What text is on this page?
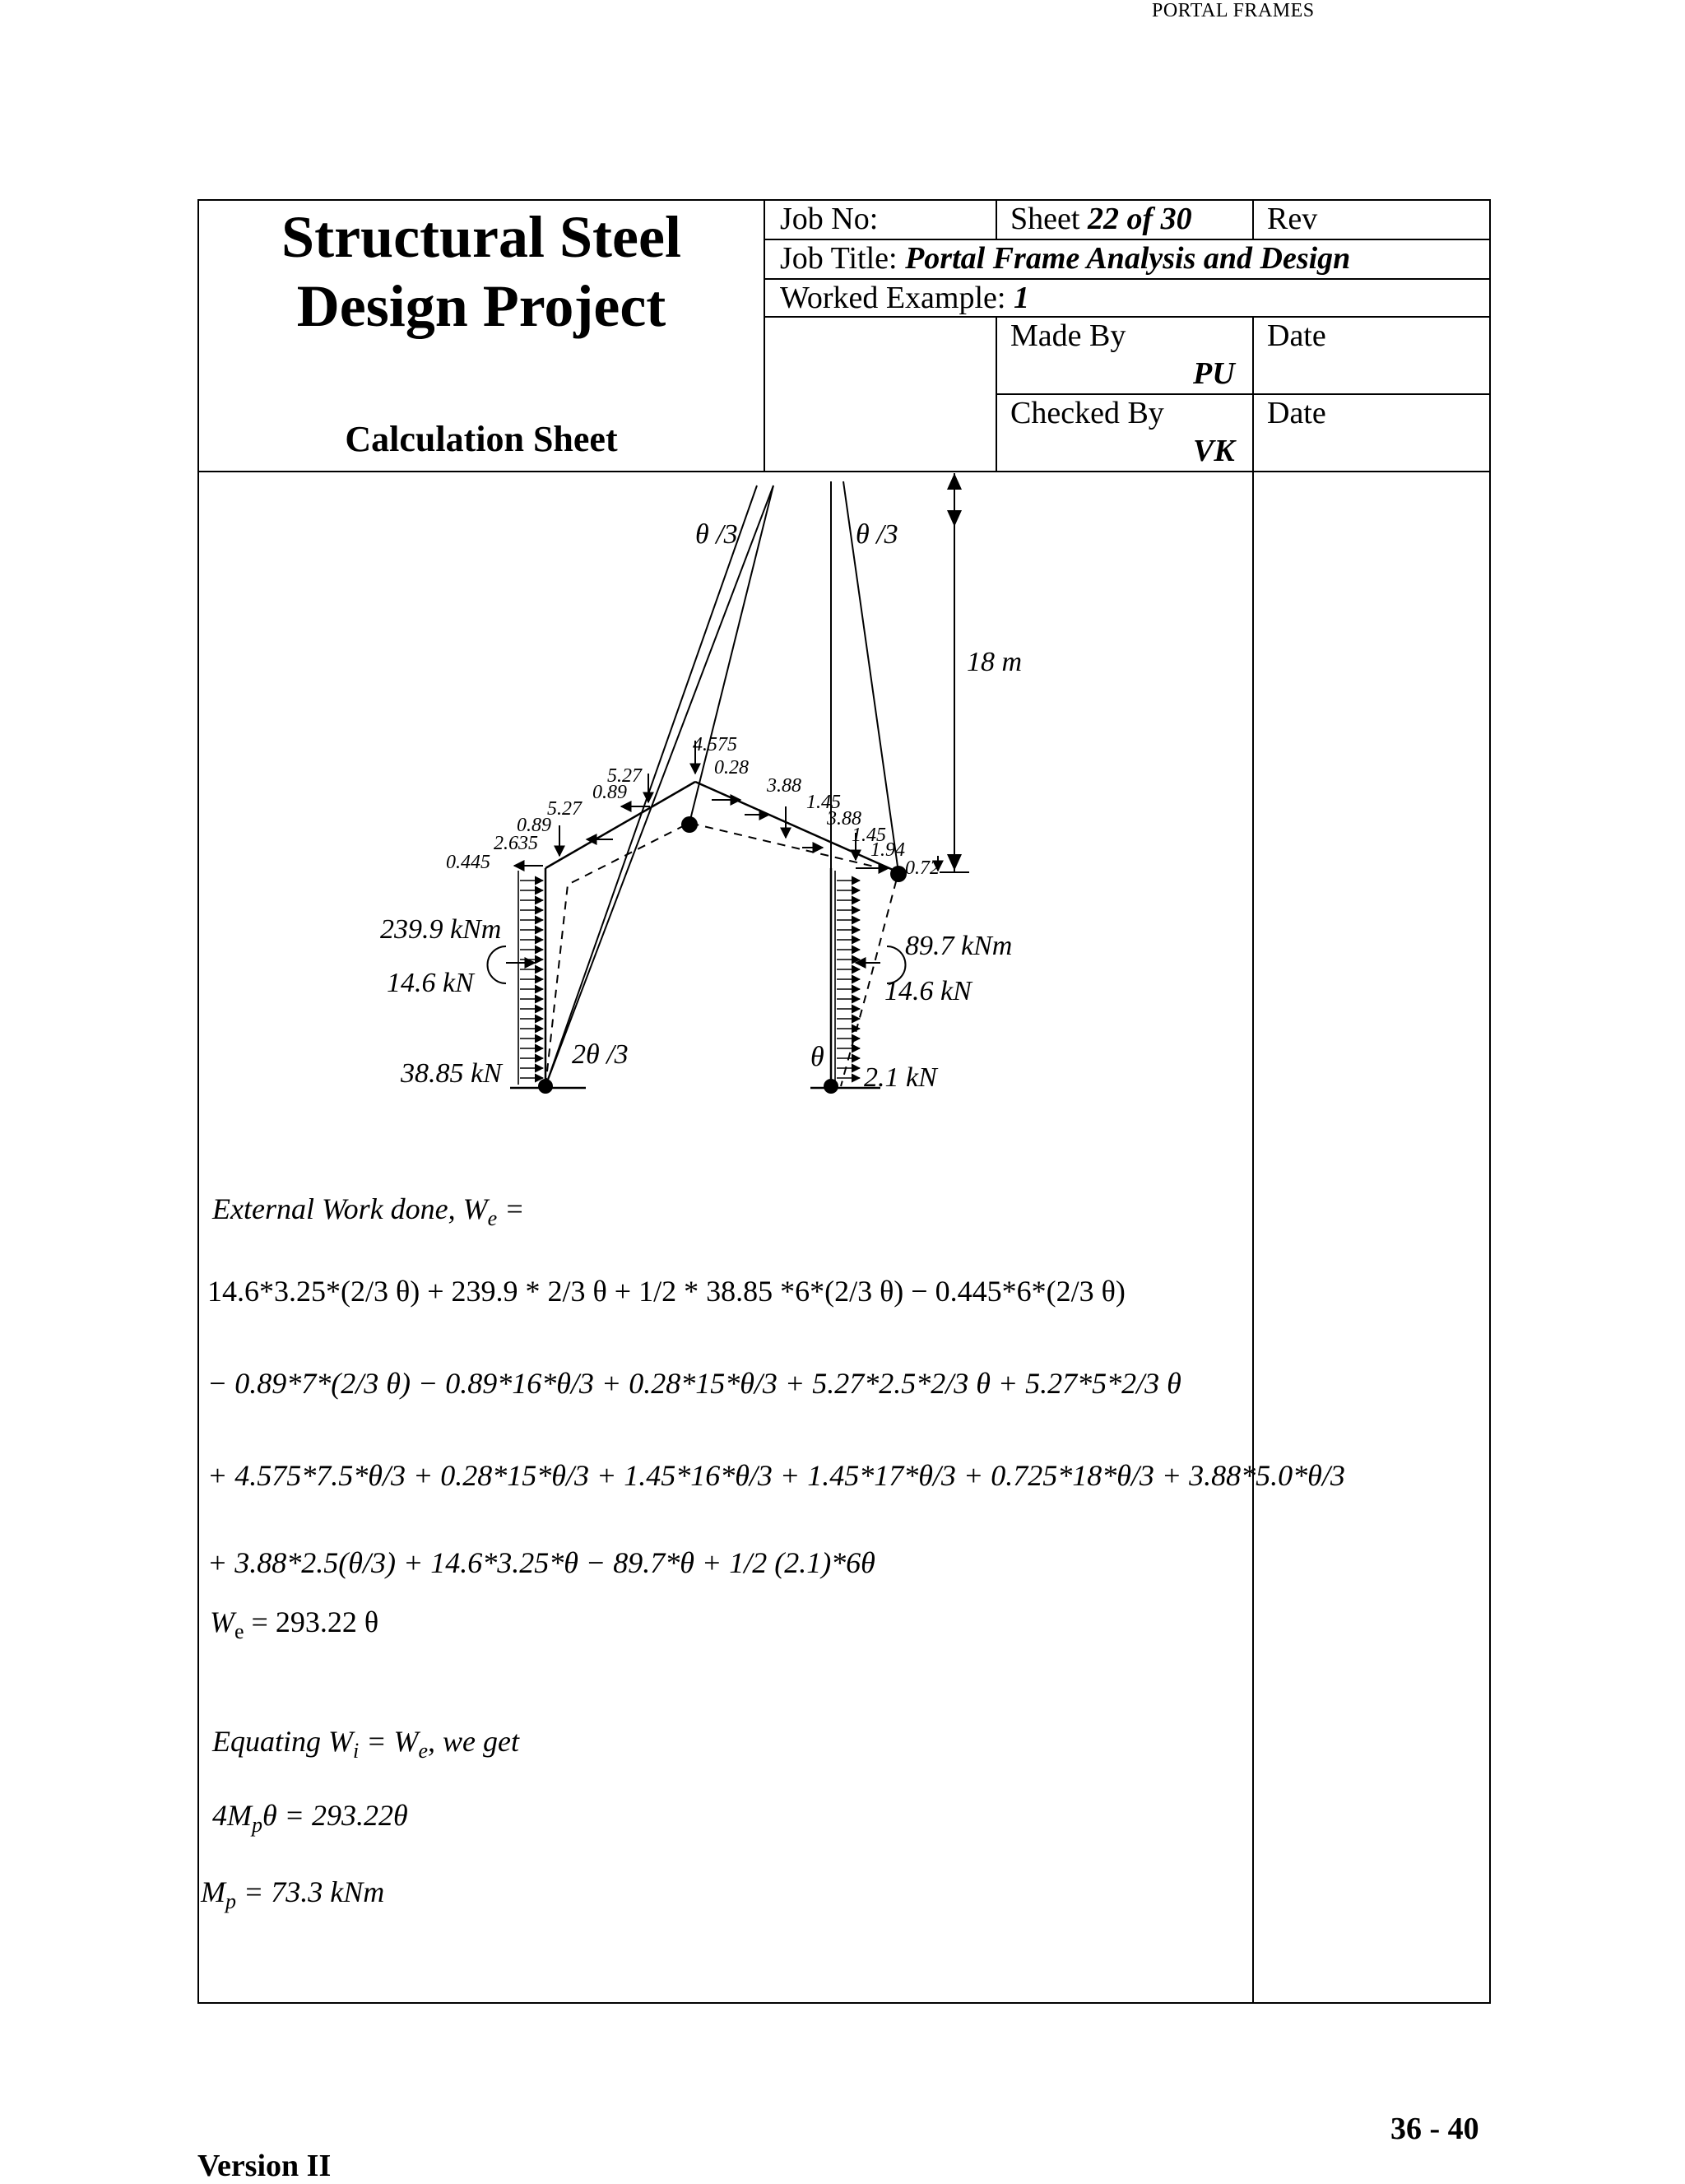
PORTAL FRAMES
Structural Steel
Design Project
Calculation Sheet
Job No:	Sheet 22 of 30 Rev
Job Title: Portal Frame Analysis and Design
Worked Example: 1
Made By
PU
Date
Checked By
VK
Date
θ /3	θ /3
18 m
239.9 kNm
14.6 kN
38.85 kN
2θ /3
89.7 kNm
14.6 kN
θ
2.1 kN
4.575
0.28
5.27
0.89
5.27
0.89
2.635
0.445
3.88
1.45
3.88
1.45
1.94
0.72
External Work done, $W_e$ =
14.6*3.25*(2/3 θ) + 239.9 * 2/3 θ + 1/2 * 38.85 *6*(2/3 θ) − 0.445*6*(2/3 θ)
− 0.89*7*(2/3 θ) − 0.89*16*θ/3 + 0.28*15*θ/3 + 5.27*2.5*2/3 θ + 5.27*5*2/3 θ
+ 4.575*7.5*θ/3 + 0.28*15*θ/3 + 1.45*16*θ/3 + 1.45*17*θ/3 + 0.725*18*θ/3 + 3.88*5.0*θ/3
+ 3.88*2.5(θ/3) + 14.6*3.25*θ − 89.7*θ + 1/2 (2.1)*6θ
$W_e = 293.22$ θ
Equating $W_i = W_e$, we get
$4M_p\theta = 293.22\theta$
$M_p = 73.3$ kNm
36 - 40
Version II
